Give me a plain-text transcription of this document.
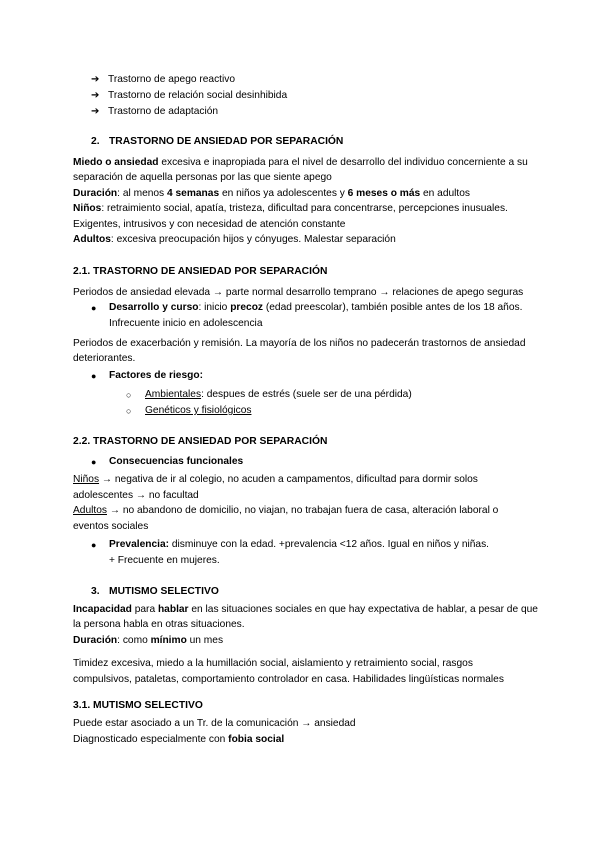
➔ Trastorno de apego reactivo
➔ Trastorno de relación social desinhibida
➔ Trastorno de adaptación
2. TRASTORNO DE ANSIEDAD POR SEPARACIÓN
Miedo o ansiedad excesiva e inapropiada para el nivel de desarrollo del individuo concerniente a su
separación de aquella personas por las que siente apego
Duración: al menos 4 semanas en niños ya adolescentes y 6 meses o más en adultos
Niños: retraimiento social, apatía, tristeza, dificultad para concentrarse, percepciones inusuales.
Exigentes, intrusivos y con necesidad de atención constante
Adultos: excesiva preocupación hijos y cónyuges. Malestar separación
2.1. TRASTORNO DE ANSIEDAD POR SEPARACIÓN
Periodos de ansiedad elevada → parte normal desarrollo temprano → relaciones de apego seguras
● Desarrollo y curso: inicio precoz (edad preescolar), también posible antes de los 18 años.
Infrecuente inicio en adolescencia
Periodos de exacerbación y remisión. La mayoría de los niños no padecerán trastornos de ansiedad
deteriorantes.
● Factores de riesgo:
○ Ambientales: despues de estrés (suele ser de una pérdida)
○ Genéticos y fisiológicos
2.2. TRASTORNO DE ANSIEDAD POR SEPARACIÓN
● Consecuencias funcionales
Niños → negativa de ir al colegio, no acuden a campamentos, dificultad para dormir solos
adolescentes → no facultad
Adultos → no abandono de domicilio, no viajan, no trabajan fuera de casa, alteración laboral o
eventos sociales
● Prevalencia: disminuye con la edad. +prevalencia <12 años. Igual en niños y niñas.
+ Frecuente en mujeres.
3. MUTISMO SELECTIVO
Incapacidad para hablar en las situaciones sociales en que hay expectativa de hablar, a pesar de que
la persona habla en otras situaciones.
Duración: como mínimo un mes
Timidez excesiva, miedo a la humillación social, aislamiento y retraimiento social, rasgos
compulsivos, pataletas, comportamiento controlador en casa. Habilidades lingüísticas normales
3.1. MUTISMO SELECTIVO
Puede estar asociado a un Tr. de la comunicación → ansiedad
Diagnosticado especialmente con fobia social
